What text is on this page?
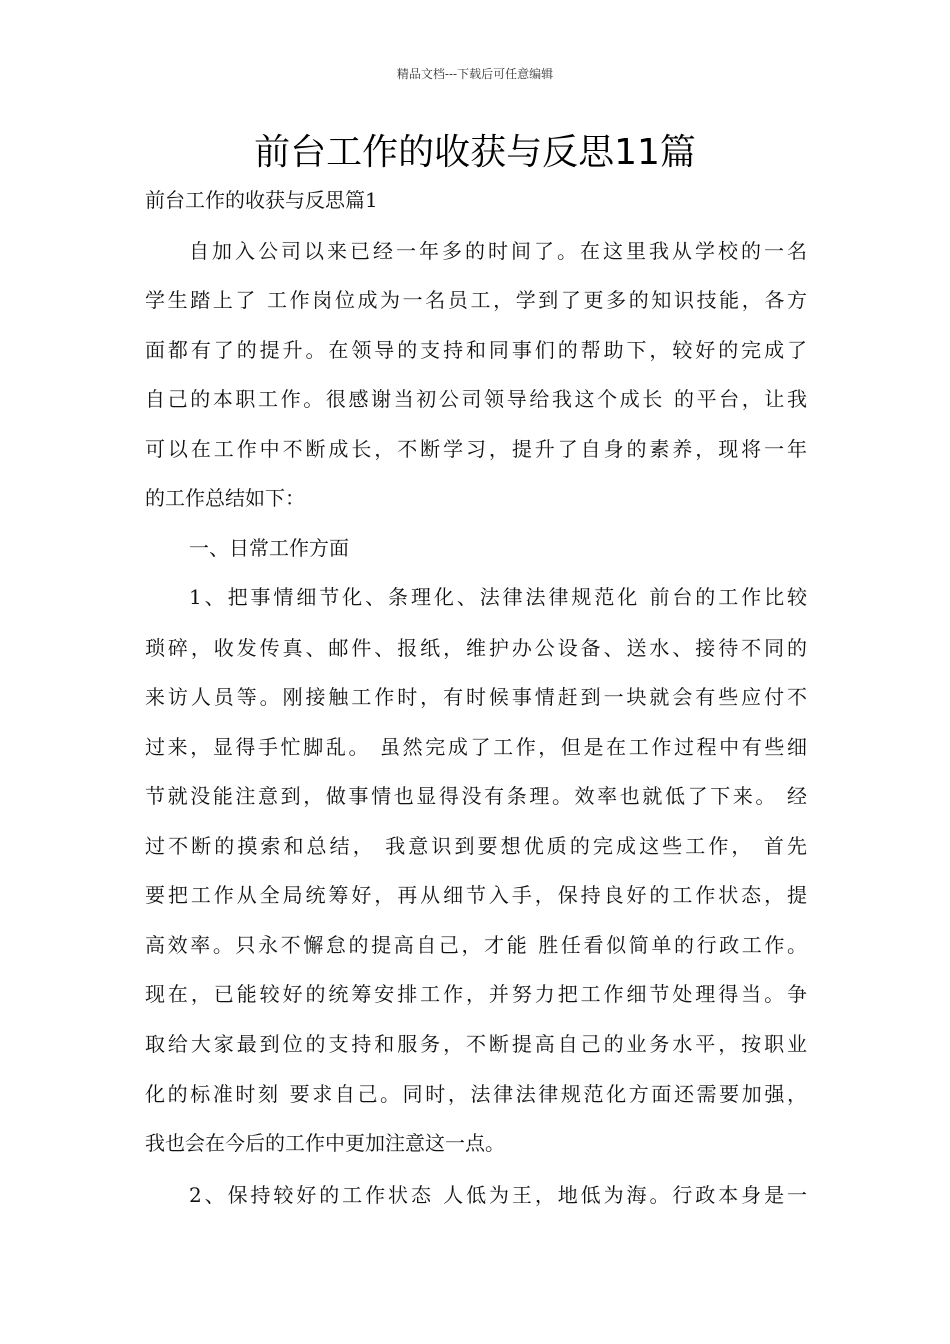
精品文档---下载后可任意编辑
前台工作的收获与反思11篇
前台工作的收获与反思篇1
自加入公司以来已经一年多的时间了。在这里我从学校的一名
学生踏上了 工作岗位成为一名员工，学到了更多的知识技能，各方
面都有了的提升。在领导的支持和同事们的帮助下，较好的完成了
自己的本职工作。很感谢当初公司领导给我这个成长 的平台，让我
可以在工作中不断成长，不断学习，提升了自身的素养，现将一年
的工作总结如下：
一、日常工作方面
1、把事情细节化、条理化、法律法律规范化 前台的工作比较
琐碎，收发传真、邮件、报纸，维护办公设备、送水、接待不同的
来访人员等。刚接触工作时，有时候事情赶到一块就会有些应付不
过来，显得手忙脚乱。 虽然完成了工作，但是在工作过程中有些细
节就没能注意到，做事情也显得没有条理。效率也就低了下来。 经
过不断的摸索和总结， 我意识到要想优质的完成这些工作， 首先
要把工作从全局统筹好，再从细节入手，保持良好的工作状态，提
高效率。只永不懈怠的提高自己，才能 胜任看似简单的行政工作。
现在，已能较好的统筹安排工作，并努力把工作细节处理得当。争
取给大家最到位的支持和服务，不断提高自己的业务水平，按职业
化的标准时刻 要求自己。同时，法律法律规范化方面还需要加强，
我也会在今后的工作中更加注意这一点。
2、保持较好的工作状态 人低为王，地低为海。行政本身是一
